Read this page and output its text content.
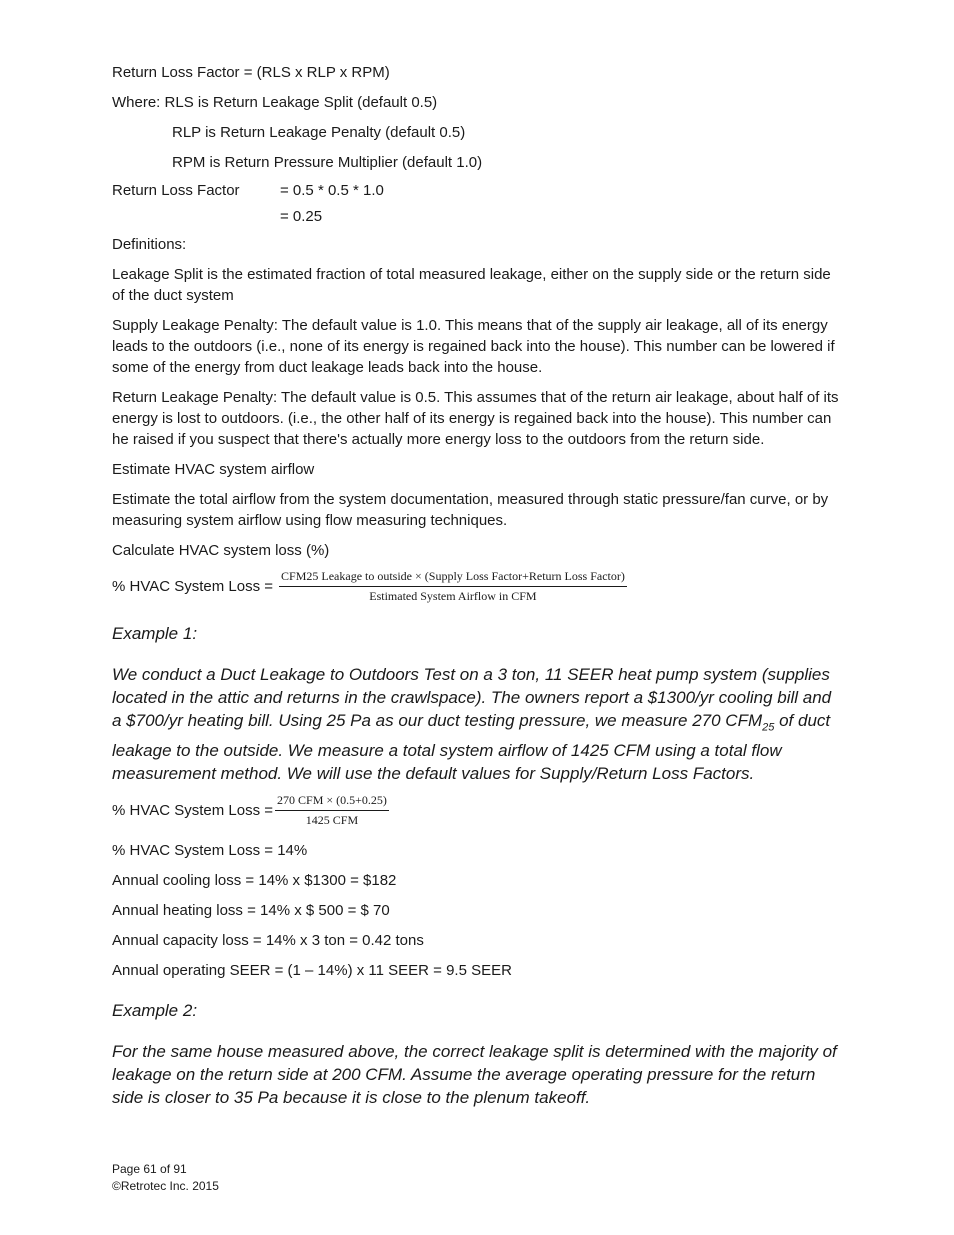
Return Loss Factor = (RLS x RLP x RPM)

Where: RLS is Return Leakage Split (default 0.5)

RLP is Return Leakage Penalty (default 0.5)

RPM is Return Pressure Multiplier (default 1.0)

Return Loss Factor	= 0.5 * 0.5 * 1.0
= 0.25

Definitions:

Leakage Split is the estimated fraction of total measured leakage, either on the supply side or the return side of the duct system

Supply Leakage Penalty: The default value is 1.0. This means that of the supply air leakage, all of its energy leads to the outdoors (i.e., none of its energy is regained back into the house). This number can be lowered if some of the energy from duct leakage leads back into the house.

Return Leakage Penalty: The default value is 0.5. This assumes that of the return air leakage, about half of its energy is lost to outdoors. (i.e., the other half of its energy is regained back into the house). This number can he raised if you suspect that there's actually more energy loss to the outdoors from the return side.

Estimate HVAC system airflow

Estimate the total airflow from the system documentation, measured through static pressure/fan curve, or by measuring system airflow using flow measuring techniques.

Calculate HVAC system loss (%)

% HVAC System Loss =
CFM25 Leakage to outside × (Supply Loss Factor+Return Loss Factor)
Estimated System Airflow in CFM

Example 1:

We conduct a Duct Leakage to Outdoors Test on a 3 ton, 11 SEER heat pump system (supplies located in the attic and returns in the crawlspace). The owners report a $1300/yr cooling bill and a $700/yr heating bill. Using 25 Pa as our duct testing pressure, we measure 270 $CFM_{25}$ of duct leakage to the outside. We measure a total system airflow of 1425 CFM using a total flow measurement method. We will use the default values for Supply/Return Loss Factors.

% HVAC System Loss = $\frac{\text{270 CFM × (0.5+0.25)}}{\text{1425 CFM}}$

% HVAC System Loss = 14%

Annual cooling loss = 14% x $1300 = $182

Annual heating loss = 14% x $ 500 = $ 70

Annual capacity loss = 14% x 3 ton = 0.42 tons

Annual operating SEER = (1 – 14%) x 11 SEER = 9.5 SEER

Example 2:

For the same house measured above, the correct leakage split is determined with the majority of leakage on the return side at 200 CFM. Assume the average operating pressure for the return side is closer to 35 Pa because it is close to the plenum takeoff.

Page 61 of 91
©Retrotec Inc. 2015
